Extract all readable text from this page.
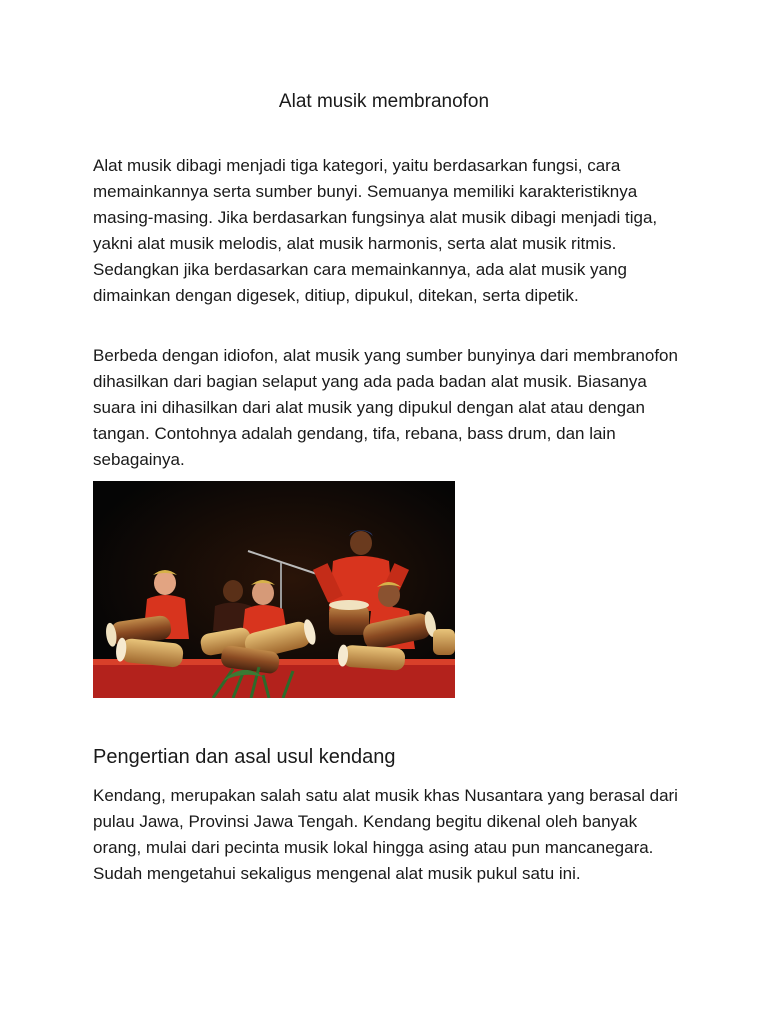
Alat musik membranofon

Alat musik dibagi menjadi tiga kategori, yaitu berdasarkan fungsi, cara memainkannya serta sumber bunyi. Semuanya memiliki karakteristiknya masing-masing. Jika berdasarkan fungsinya alat musik dibagi menjadi tiga, yakni alat musik melodis, alat musik harmonis, serta alat musik ritmis. Sedangkan jika berdasarkan cara memainkannya, ada alat musik yang dimainkan dengan digesek, ditiup, dipukul, ditekan, serta dipetik.

Berbeda dengan idiofon, alat musik yang sumber bunyinya dari membranofon dihasilkan dari bagian selaput yang ada pada badan alat musik. Biasanya suara ini dihasilkan dari alat musik yang dipukul dengan alat atau dengan tangan. Contohnya adalah gendang, tifa, rebana, bass drum, dan lain sebagainya.

Pengertian dan asal usul kendang

Kendang, merupakan salah satu alat musik khas Nusantara yang berasal dari pulau Jawa, Provinsi Jawa Tengah. Kendang begitu dikenal oleh banyak orang, mulai dari pecinta musik lokal hingga asing atau pun mancanegara. Sudah mengetahui sekaligus mengenal alat musik pukul satu ini.
